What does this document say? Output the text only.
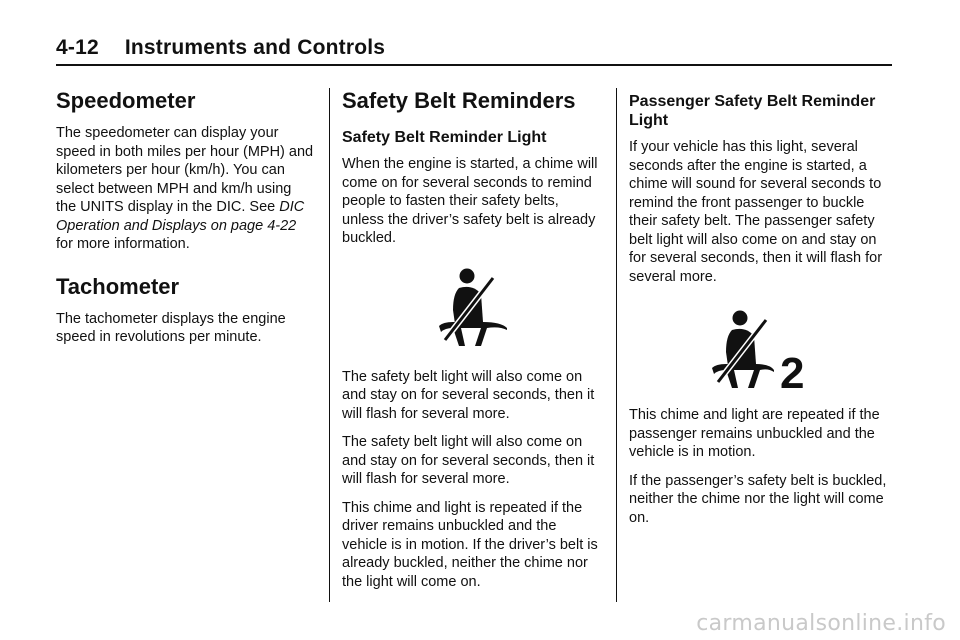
4-12 Instruments and Controls
Speedometer

The speedometer can display your speed in both miles per hour (MPH) and kilometers per hour (km/h). You can select between MPH and km/h using the UNITS display in the DIC. See DIC Operation and Displays on page 4-22 for more information.

Tachometer

The tachometer displays the engine speed in revolutions per minute.

Safety Belt Reminders
Safety Belt Reminder Light

When the engine is started, a chime will come on for several seconds to remind people to fasten their safety belts, unless the driver’s safety belt is already buckled.

The safety belt light will also come on and stay on for several seconds, then it will flash for several more.

The safety belt light will also come on and stay on for several seconds, then it will flash for several more.

This chime and light is repeated if the driver remains unbuckled and the vehicle is in motion. If the driver’s belt is already buckled, neither the chime nor the light will come on.

Passenger Safety Belt Reminder Light

If your vehicle has this light, several seconds after the engine is started, a chime will sound for several seconds to remind the front passenger to buckle their safety belt. The passenger safety belt light will also come on and stay on for several seconds, then it will flash for several more.

2

This chime and light are repeated if the passenger remains unbuckled and the vehicle is in motion.

If the passenger’s safety belt is buckled, neither the chime nor the light will come on.

carmanualsonline.info
